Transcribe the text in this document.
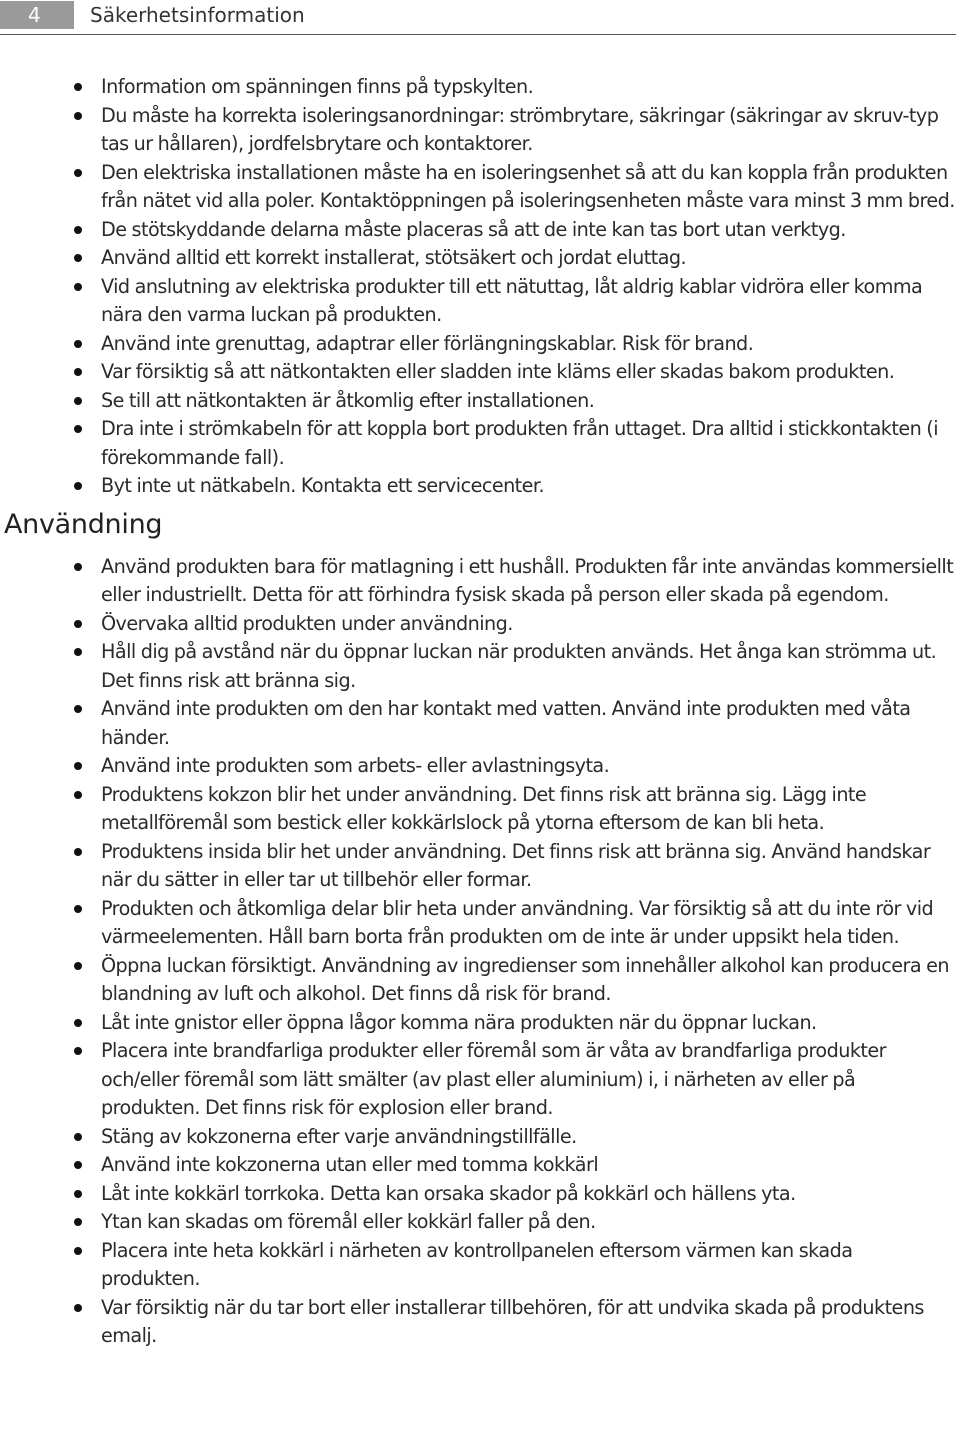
4	Säkerhetsinformation
Information om spänningen finns på typskylten.
Du måste ha korrekta isoleringsanordningar: strömbrytare, säkringar (säkringar av skruv-typ tas ur hållaren), jordfelsbrytare och kontaktorer.
Den elektriska installationen måste ha en isoleringsenhet så att du kan koppla från produkten från nätet vid alla poler. Kontaktöppningen på isoleringsenheten måste vara minst 3 mm bred.
De stötskyddande delarna måste placeras så att de inte kan tas bort utan verktyg.
Använd alltid ett korrekt installerat, stötsäkert och jordat eluttag.
Vid anslutning av elektriska produkter till ett nätuttag, låt aldrig kablar vidröra eller komma nära den varma luckan på produkten.
Använd inte grenuttag, adaptrar eller förlängningskablar. Risk för brand.
Var försiktig så att nätkontakten eller sladden inte kläms eller skadas bakom produkten.
Se till att nätkontakten är åtkomlig efter installationen.
Dra inte i strömkabeln för att koppla bort produkten från uttaget. Dra alltid i stickkontakten (i förekommande fall).
Byt inte ut nätkabeln. Kontakta ett servicecenter.
Användning
Använd produkten bara för matlagning i ett hushåll. Produkten får inte användas kommersiellt eller industriellt. Detta för att förhindra fysisk skada på person eller skada på egendom.
Övervaka alltid produkten under användning.
Håll dig på avstånd när du öppnar luckan när produkten används. Het ånga kan strömma ut. Det finns risk att bränna sig.
Använd inte produkten om den har kontakt med vatten. Använd inte produkten med våta händer.
Använd inte produkten som arbets- eller avlastningsyta.
Produktens kokzon blir het under användning. Det finns risk att bränna sig. Lägg inte metallföremål som bestick eller kokkärlslock på ytorna eftersom de kan bli heta.
Produktens insida blir het under användning. Det finns risk att bränna sig. Använd handskar när du sätter in eller tar ut tillbehör eller formar.
Produkten och åtkomliga delar blir heta under användning. Var försiktig så att du inte rör vid värmeelementen. Håll barn borta från produkten om de inte är under uppsikt hela tiden.
Öppna luckan försiktigt. Användning av ingredienser som innehåller alkohol kan producera en blandning av luft och alkohol. Det finns då risk för brand.
Låt inte gnistor eller öppna lågor komma nära produkten när du öppnar luckan.
Placera inte brandfarliga produkter eller föremål som är våta av brandfarliga produkter och/eller föremål som lätt smälter (av plast eller aluminium) i, i närheten av eller på produkten. Det finns risk för explosion eller brand.
Stäng av kokzonerna efter varje användningstillfälle.
Använd inte kokzonerna utan eller med tomma kokkärl
Låt inte kokkärl torrkoka. Detta kan orsaka skador på kokkärl och hällens yta.
Ytan kan skadas om föremål eller kokkärl faller på den.
Placera inte heta kokkärl i närheten av kontrollpanelen eftersom värmen kan skada produkten.
Var försiktig när du tar bort eller installerar tillbehören, för att undvika skada på produktens emalj.
